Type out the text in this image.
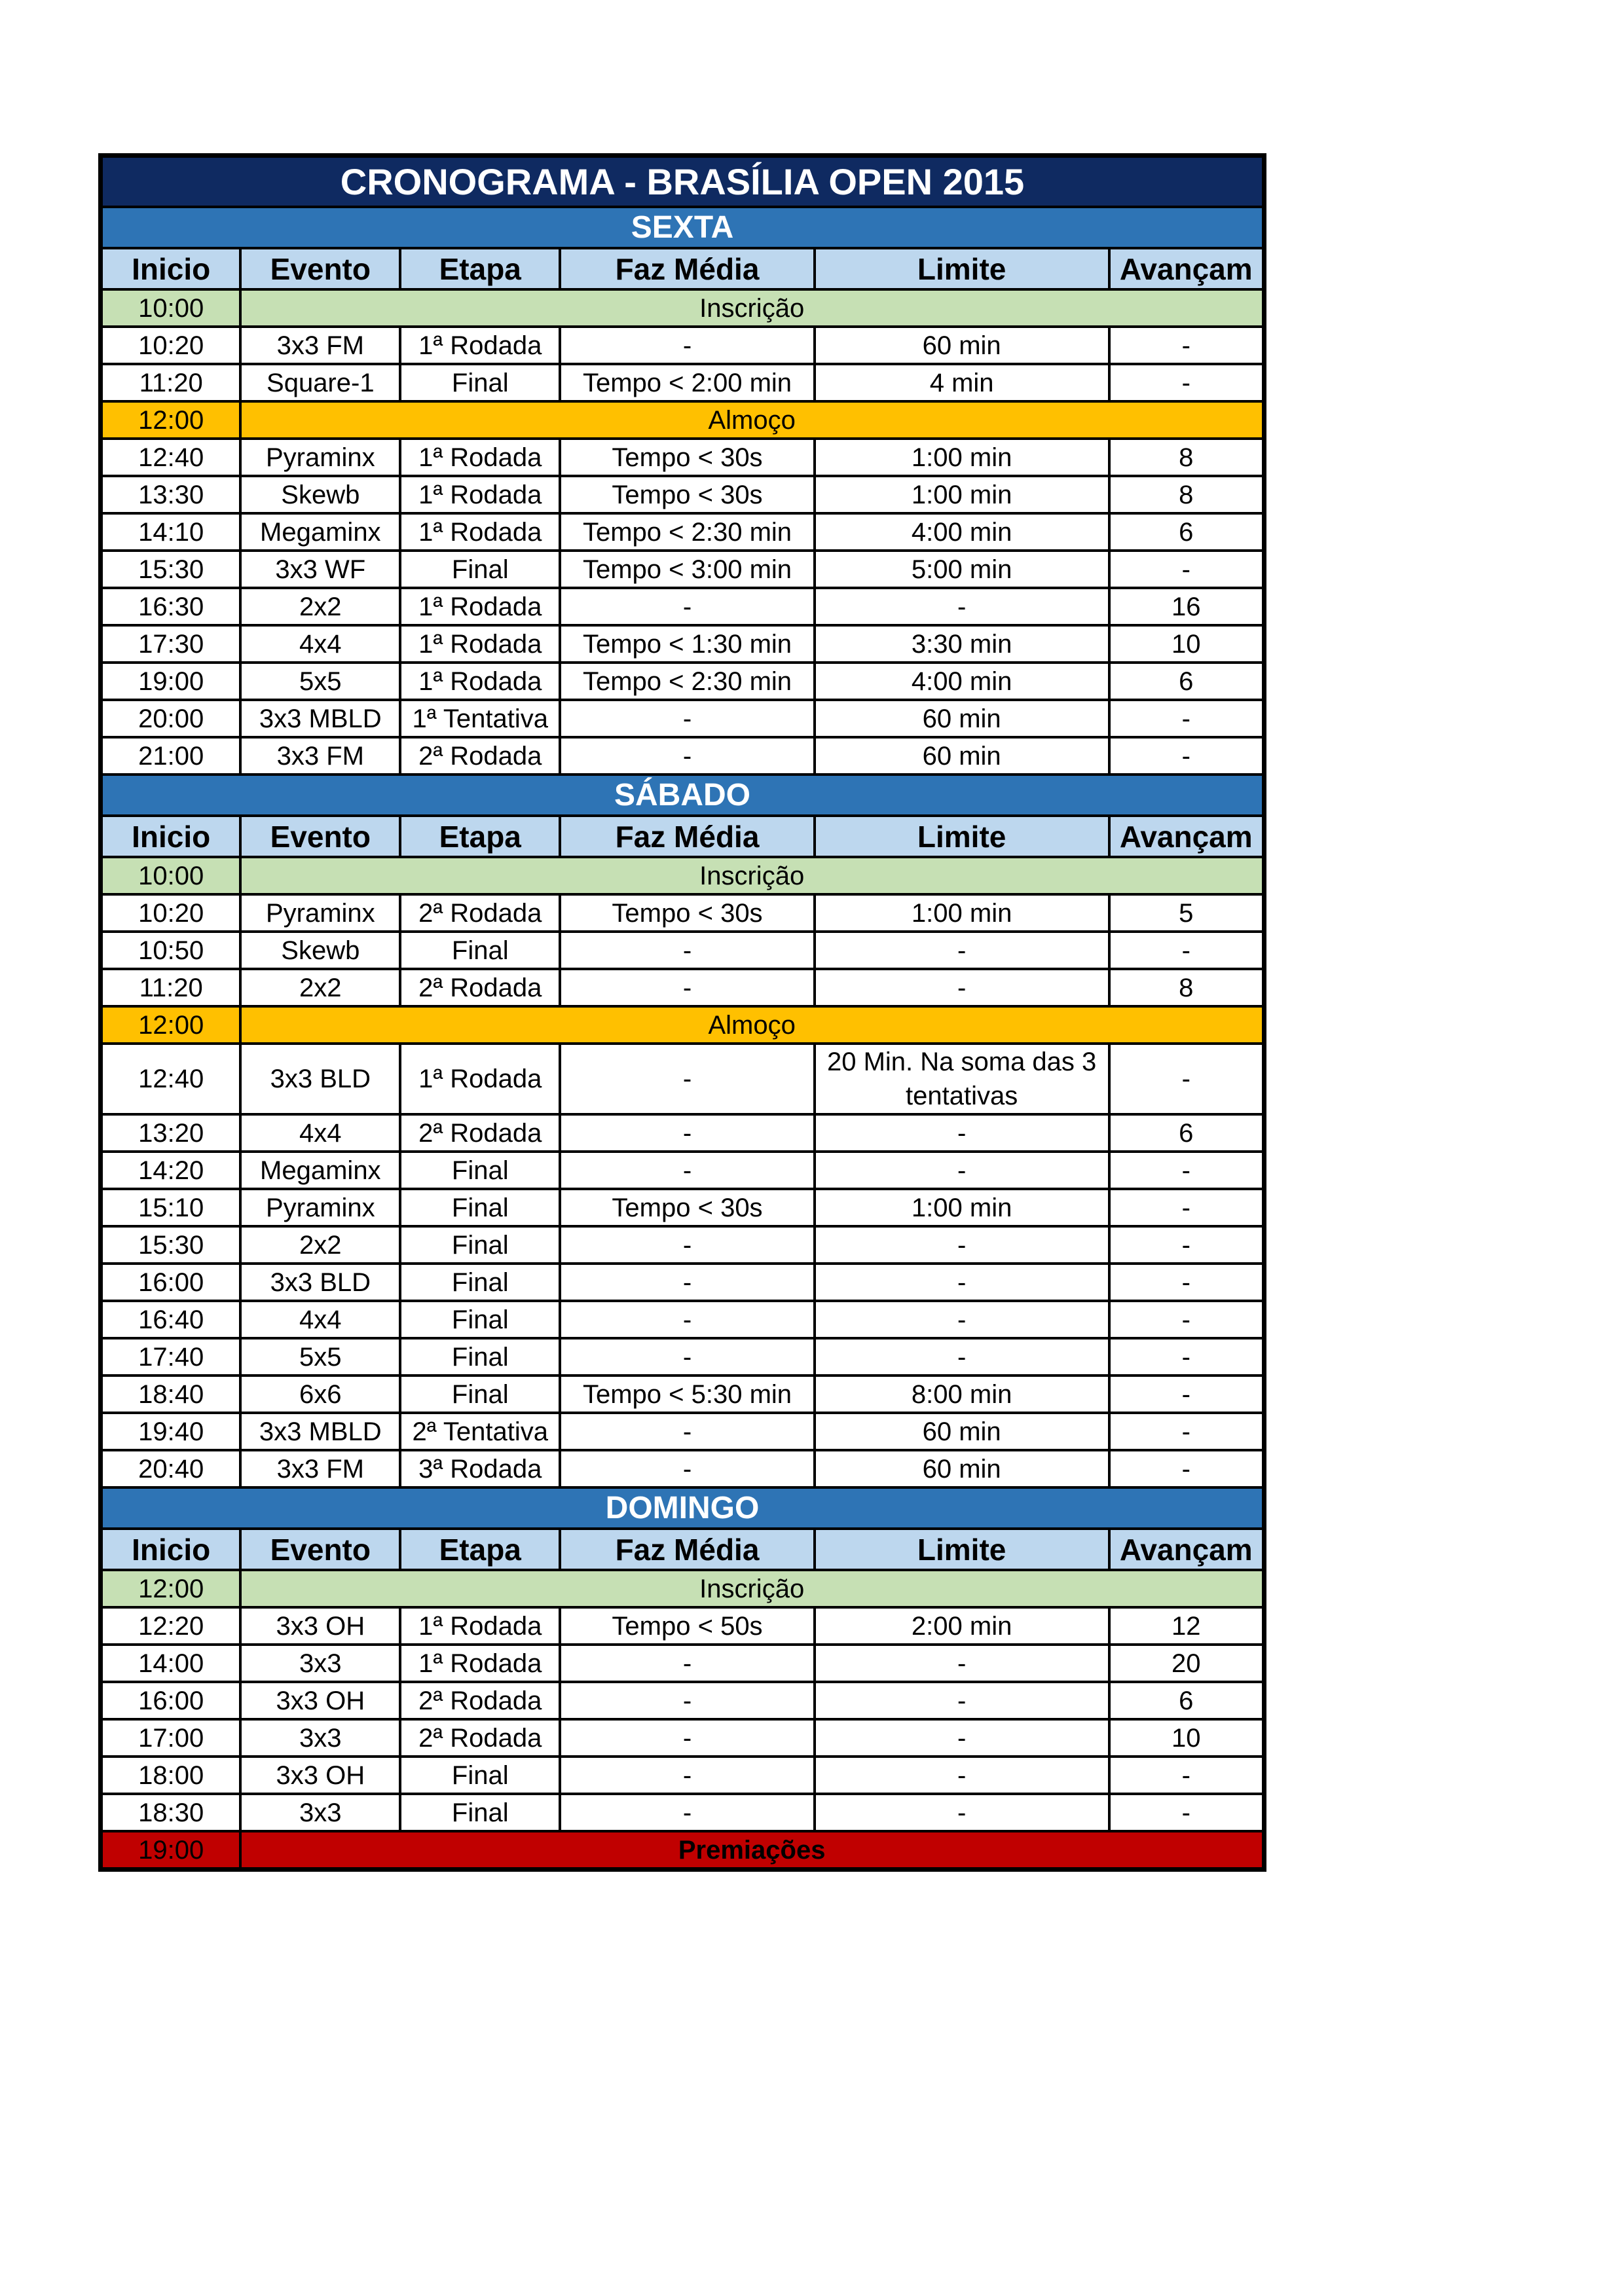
CRONOGRAMA - BRASÍLIA OPEN 2015					
SEXTA					
Inicio	Evento	Etapa	Faz Média	Limite	Avançam
10:00	Inscrição				
10:20	3x3 FM	1ª Rodada	-	60 min	-
11:20	Square-1	Final	Tempo < 2:00 min	4 min	-
12:00	Almoço				
12:40	Pyraminx	1ª Rodada	Tempo < 30s	1:00 min	8
13:30	Skewb	1ª Rodada	Tempo < 30s	1:00 min	8
14:10	Megaminx	1ª Rodada	Tempo < 2:30 min	4:00 min	6
15:30	3x3 WF	Final	Tempo < 3:00 min	5:00 min	-
16:30	2x2	1ª Rodada	-	-	16
17:30	4x4	1ª Rodada	Tempo < 1:30 min	3:30 min	10
19:00	5x5	1ª Rodada	Tempo < 2:30 min	4:00 min	6
20:00	3x3 MBLD	1ª Tentativa	-	60 min	-
21:00	3x3 FM	2ª Rodada	-	60 min	-
SÁBADO					
Inicio	Evento	Etapa	Faz Média	Limite	Avançam
10:00	Inscrição				
10:20	Pyraminx	2ª Rodada	Tempo < 30s	1:00 min	5
10:50	Skewb	Final	-	-	-
11:20	2x2	2ª Rodada	-	-	8
12:00	Almoço				
12:40	3x3 BLD	1ª Rodada	-	20 Min. Na soma das 3 tentativas	-
13:20	4x4	2ª Rodada	-	-	6
14:20	Megaminx	Final	-	-	-
15:10	Pyraminx	Final	Tempo < 30s	1:00 min	-
15:30	2x2	Final	-	-	-
16:00	3x3 BLD	Final	-	-	-
16:40	4x4	Final	-	-	-
17:40	5x5	Final	-	-	-
18:40	6x6	Final	Tempo < 5:30 min	8:00 min	-
19:40	3x3 MBLD	2ª Tentativa	-	60 min	-
20:40	3x3 FM	3ª Rodada	-	60 min	-
DOMINGO					
Inicio	Evento	Etapa	Faz Média	Limite	Avançam
12:00	Inscrição				
12:20	3x3 OH	1ª Rodada	Tempo < 50s	2:00 min	12
14:00	3x3	1ª Rodada	-	-	20
16:00	3x3 OH	2ª Rodada	-	-	6
17:00	3x3	2ª Rodada	-	-	10
18:00	3x3 OH	Final	-	-	-
18:30	3x3	Final	-	-	-
19:00	Premiações				
